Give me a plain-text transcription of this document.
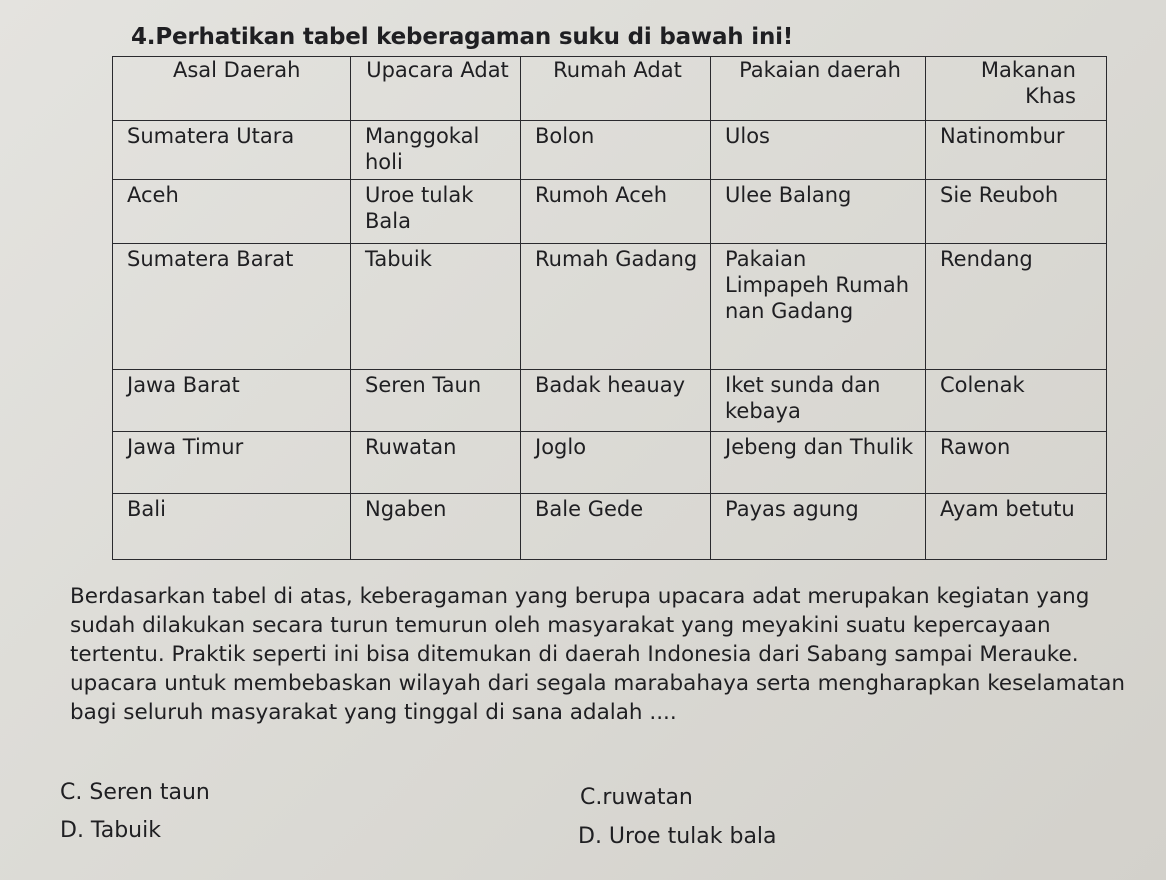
4.Perhatikan tabel keberagaman suku di bawah ini!
Asal Daerah	Upacara Adat	Rumah Adat	Pakaian daerah	Makanan Khas
Sumatera Utara	Manggokal holi	Bolon	Ulos	Natinombur
Aceh	Uroe tulak Bala	Rumoh Aceh	Ulee Balang	Sie Reuboh
Sumatera Barat	Tabuik	Rumah Gadang	Pakaian Limpapeh Rumah nan Gadang	Rendang
Jawa Barat	Seren Taun	Badak heauay	Iket sunda dan kebaya	Colenak
Jawa Timur	Ruwatan	Joglo	Jebeng dan Thulik	Rawon
Bali	Ngaben	Bale Gede	Payas agung	Ayam betutu
Berdasarkan tabel di atas, keberagaman yang berupa upacara adat merupakan kegiatan yang sudah dilakukan secara turun temurun oleh masyarakat yang meyakini suatu kepercayaan tertentu. Praktik seperti ini bisa ditemukan di daerah Indonesia dari Sabang sampai Merauke. upacara untuk membebaskan wilayah dari segala marabahaya serta mengharapkan keselamatan bagi seluruh masyarakat yang tinggal di sana adalah ....
C. Seren taun	C.ruwatan
D. Tabuik	D. Uroe tulak bala
